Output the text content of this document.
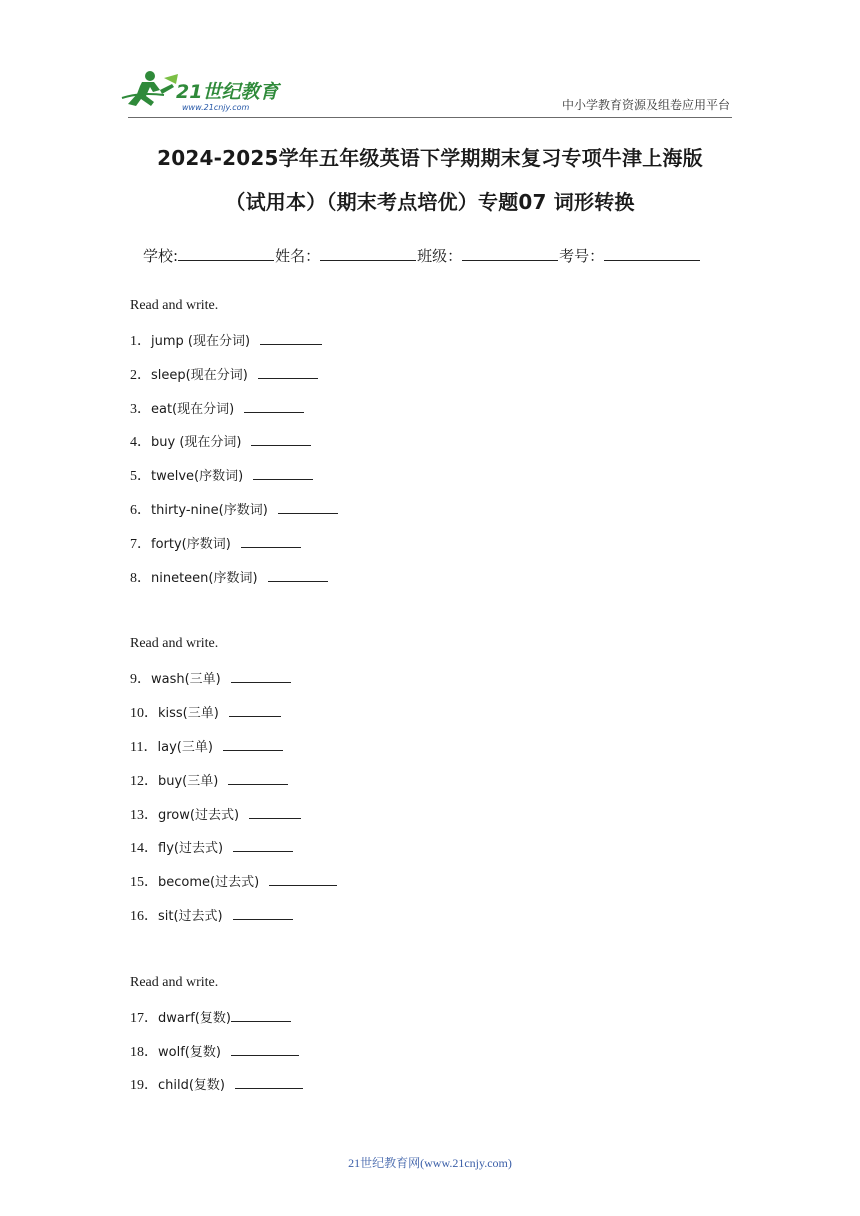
21世纪教育
www.21cnjy.com	中小学教育资源及组卷应用平台
2024-2025学年五年级英语下学期期末复习专项牛津上海版
（试用本）（期末考点培优）专题07 词形转换
学校:	姓名：	班级：	考号：
Read and write.
1． jump (现在分词)
2． sleep(现在分词)
3． eat(现在分词)
4． buy (现在分词)
5． twelve(序数词)
6． thirty-nine(序数词)
7． forty(序数词)
8． nineteen(序数词)
Read and write.
9． wash(三单)
10． kiss(三单)
11． lay(三单)
12． buy(三单)
13． grow(过去式)
14． fly(过去式)
15． become(过去式)
16． sit(过去式)
Read and write.
17． dwarf(复数)
18． wolf(复数)
19． child(复数)
21世纪教育网(www.21cnjy.com)
